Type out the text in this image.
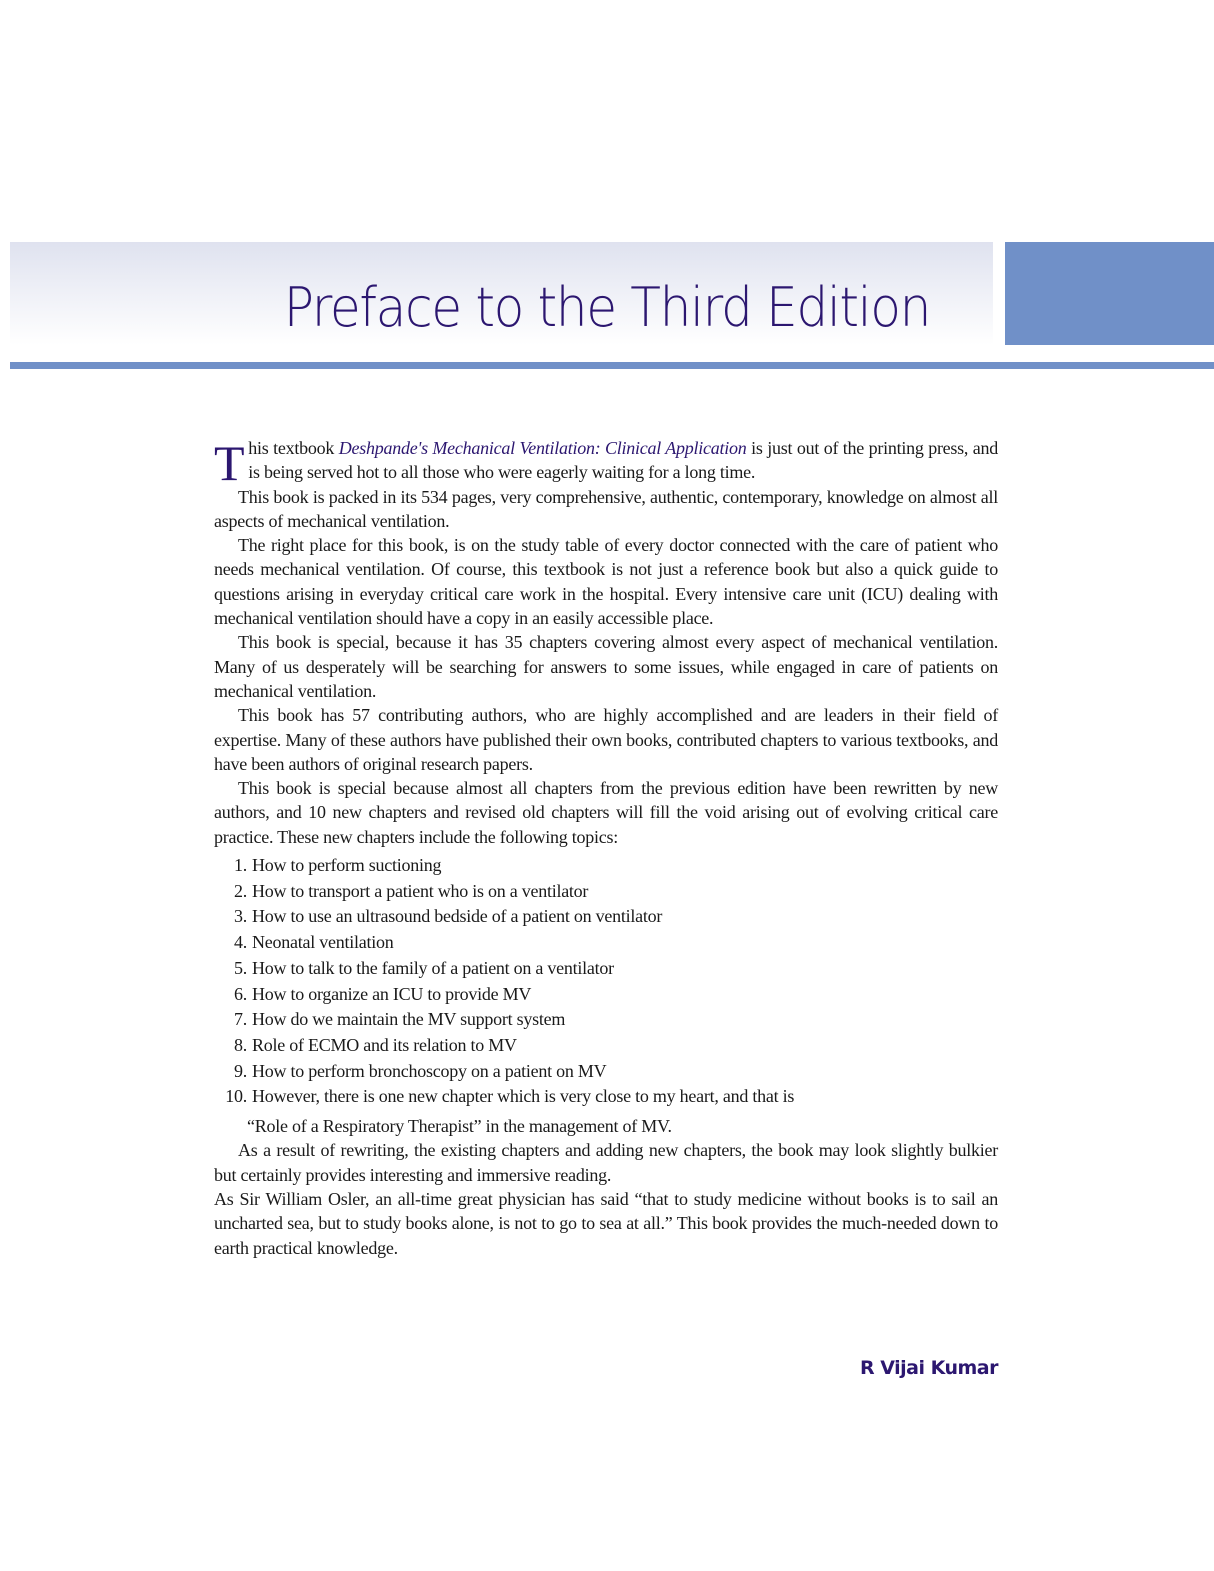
Preface to the Third Edition

This textbook Deshpande's Mechanical Ventilation: Clinical Application is just out of the printing press, and is being served hot to all those who were eagerly waiting for a long time.

This book is packed in its 534 pages, very comprehensive, authentic, contemporary, knowledge on almost all aspects of mechanical ventilation.

The right place for this book, is on the study table of every doctor connected with the care of patient who needs mechanical ventilation. Of course, this textbook is not just a reference book but also a quick guide to questions arising in everyday critical care work in the hospital. Every intensive care unit (ICU) dealing with mechanical ventilation should have a copy in an easily accessible place.

This book is special, because it has 35 chapters covering almost every aspect of mechanical ventilation. Many of us desperately will be searching for answers to some issues, while engaged in care of patients on mechanical ventilation.

This book has 57 contributing authors, who are highly accomplished and are leaders in their field of expertise. Many of these authors have published their own books, contributed chapters to various textbooks, and have been authors of original research papers.

This book is special because almost all chapters from the previous edition have been rewritten by new authors, and 10 new chapters and revised old chapters will fill the void arising out of evolving critical care practice. These new chapters include the following topics:

1. How to perform suctioning
2. How to transport a patient who is on a ventilator
3. How to use an ultrasound bedside of a patient on ventilator
4. Neonatal ventilation
5. How to talk to the family of a patient on a ventilator
6. How to organize an ICU to provide MV
7. How do we maintain the MV support system
8. Role of ECMO and its relation to MV
9. How to perform bronchoscopy on a patient on MV
10. However, there is one new chapter which is very close to my heart, and that is
“Role of a Respiratory Therapist” in the management of MV.

As a result of rewriting, the existing chapters and adding new chapters, the book may look slightly bulkier but certainly provides interesting and immersive reading.

As Sir William Osler, an all-time great physician has said “that to study medicine without books is to sail an uncharted sea, but to study books alone, is not to go to sea at all.” This book provides the much-needed down to earth practical knowledge.

R Vijai Kumar
